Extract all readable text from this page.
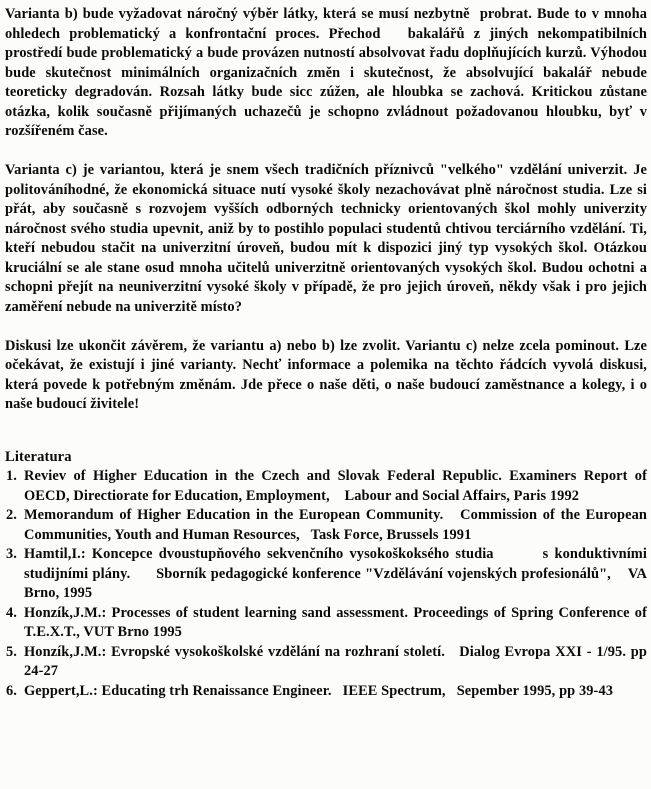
Varianta b) bude vyžadovat náročný výběr látky, která se musí nezbytně  probrat. Bude to v mnoha ohledech problematický a konfrontační proces. Přechod   bakalářů z jiných nekompatibilních prostředí bude problematický a bude provázen nutností absolvovat řadu doplňujících kurzů. Výhodou bude skutečnost minimálních organizačních změn i skutečnost, že absolvující bakalář nebude teoreticky degradován. Rozsah látky bude sicc zúžen, ale hloubka se zachová. Kritickou zůstane otázka, kolik současně přijímaných uchazečů je schopno zvládnout požadovanou hloubku, byť v rozšířeném čase.

Varianta c) je variantou, která je snem všech tradičních příznivců "velkého" vzdělání univerzit. Je politováníhodné, že ekonomická situace nutí vysoké školy nezachovávat plně náročnost studia. Lze si přát, aby současně s rozvojem vyšších odborných technicky orientovaných škol mohly univerzity náročnost svého studia upevnit, aniž by to postihlo populaci studentů chtivou terciárního vzdělání. Ti, kteří nebudou stačit na univerzitní úroveň, budou mít k dispozici jiný typ vysokých škol. Otázkou kruciální se ale stane osud mnoha učitelů univerzitně orientovaných vysokých škol. Budou ochotni a schopni přejít na neuniverzitní vysoké školy v případě, že pro jejich úroveň, někdy však i pro jejich zaměření nebude na univerzitě místo?

Diskusi lze ukončit závěrem, že variantu a) nebo b) lze zvolit. Variantu c) nelze zcela pominout. Lze očekávat, že existují i jiné varianty. Nechť informace a polemika na těchto řádcích vyvolá diskusi, která povede k potřebným změnám. Jde přece o naše děti, o naše budoucí zaměstnance a kolegy, i o naše budoucí živitele!

Literatura
1. Reviev of Higher Education in the Czech and Slovak Federal Republic. Examiners Report of OECD, Directiorate for Education, Employment,    Labour and Social Affairs, Paris 1992
2. Memorandum of Higher Education in the European Community.   Commission of the European Communities, Youth and Human Resources,   Task Force, Brussels 1991
3. Hamtil,I.: Koncepce dvoustupňového sekvenčního vysokoškoksého studia        s konduktivními studijními plány.      Sborník pedagogické konference "Vzdělávání vojenských profesionálů",    VA Brno, 1995
4. Honzík,J.M.: Processes of student learning sand assessment. Proceedings of Spring Conference of T.E.X.T., VUT Brno 1995
5. Honzík,J.M.: Evropské vysokoškolské vzdělání na rozhraní století.   Dialog Evropa XXI - 1/95. pp 24-27
6. Geppert,L.: Educating trh Renaissance Engineer.   IEEE Spectrum,   Sepember 1995, pp 39-43
